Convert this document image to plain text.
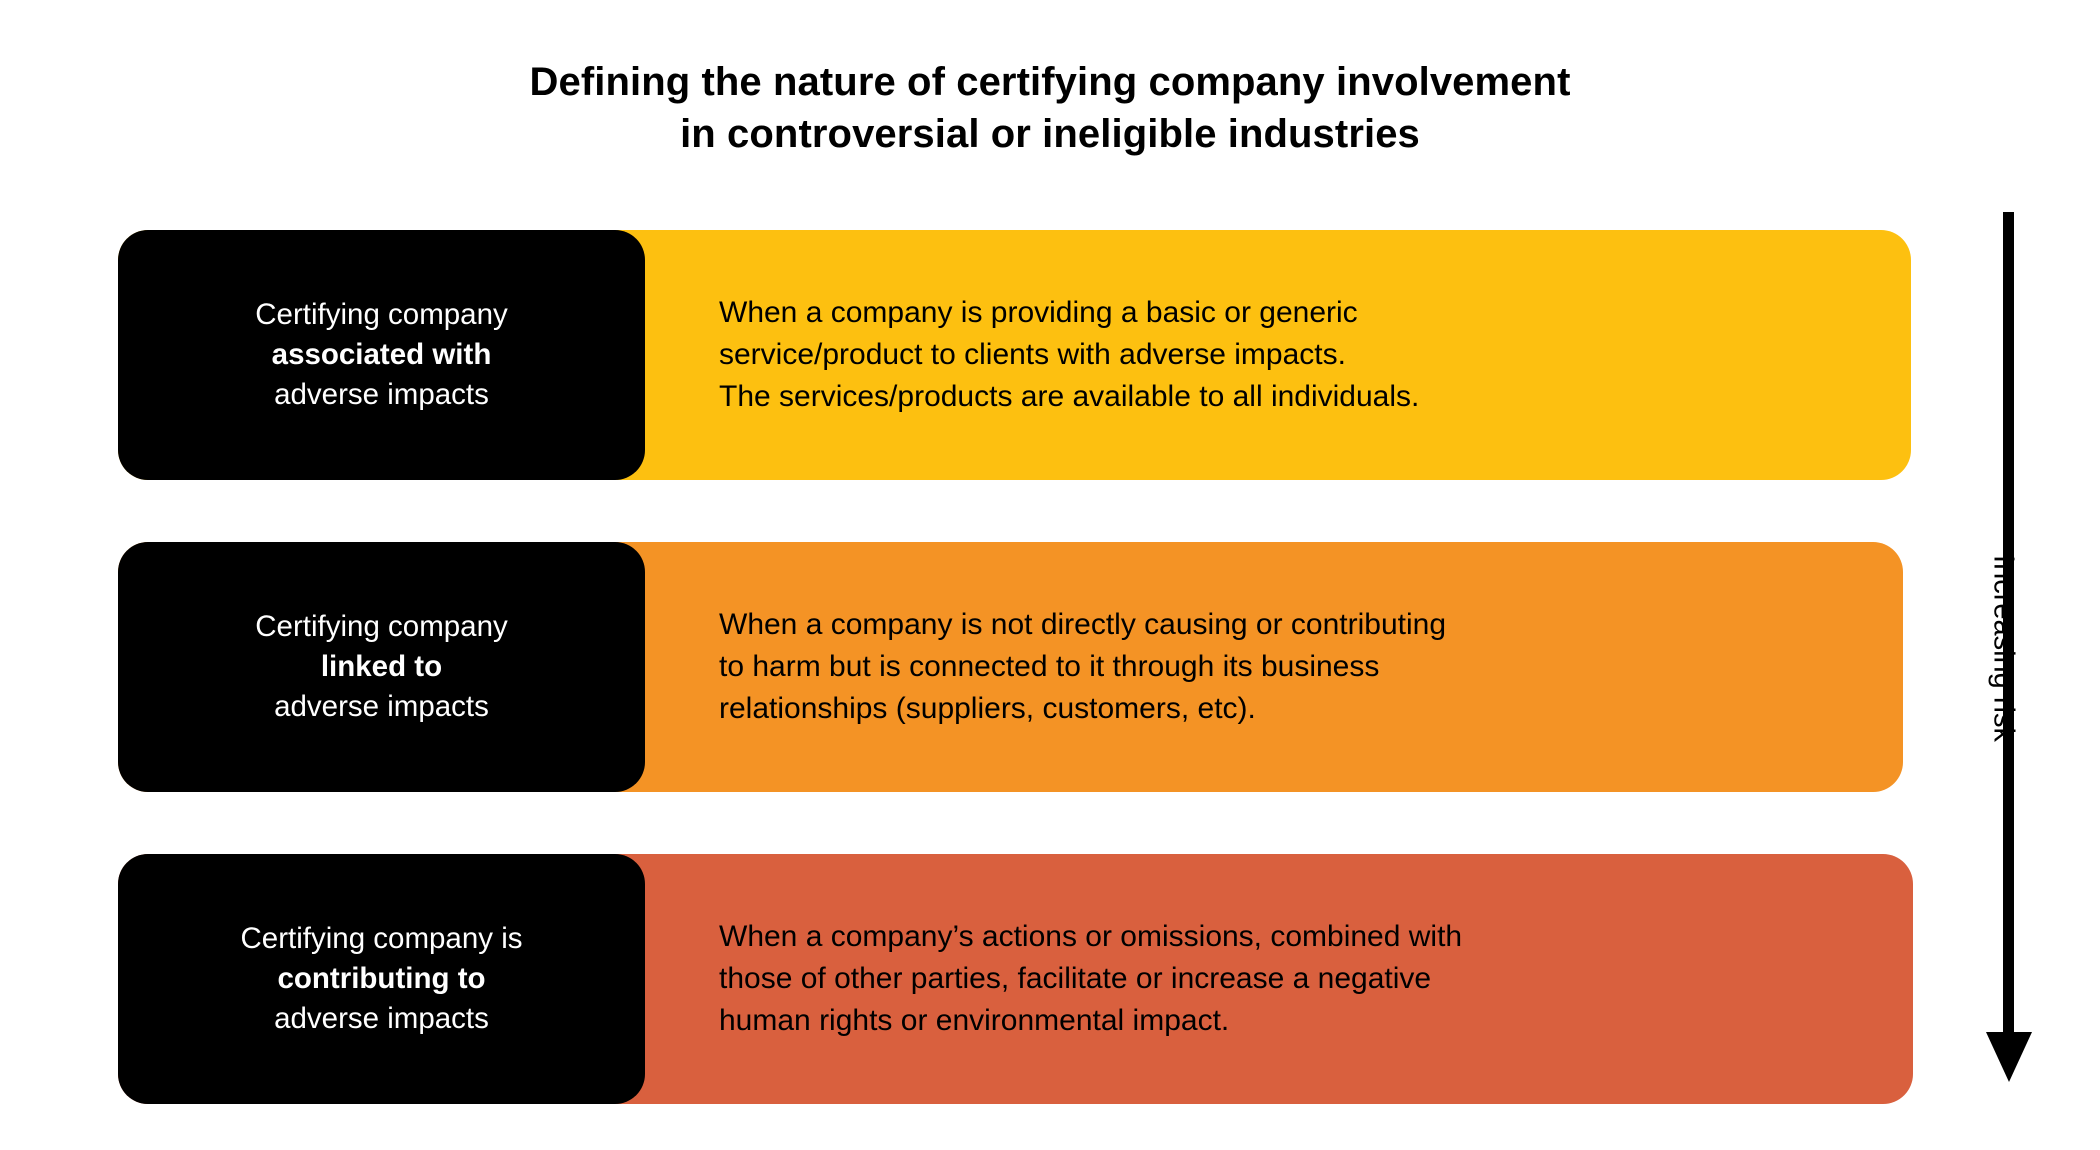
Defining the nature of certifying company involvement
in controversial or ineligible industries
Certifying company
associated with
adverse impacts
When a company is providing a basic or generic
service/product to clients with adverse impacts.
The services/products are available to all individuals.
Certifying company
linked to
adverse impacts
When a company is not directly causing or contributing
to harm but is connected to it through its business
relationships (suppliers, customers, etc).
Certifying company is
contributing to
adverse impacts
When a company’s actions or omissions, combined with
those of other parties, facilitate or increase a negative
human rights or environmental impact.
Increasing risk
